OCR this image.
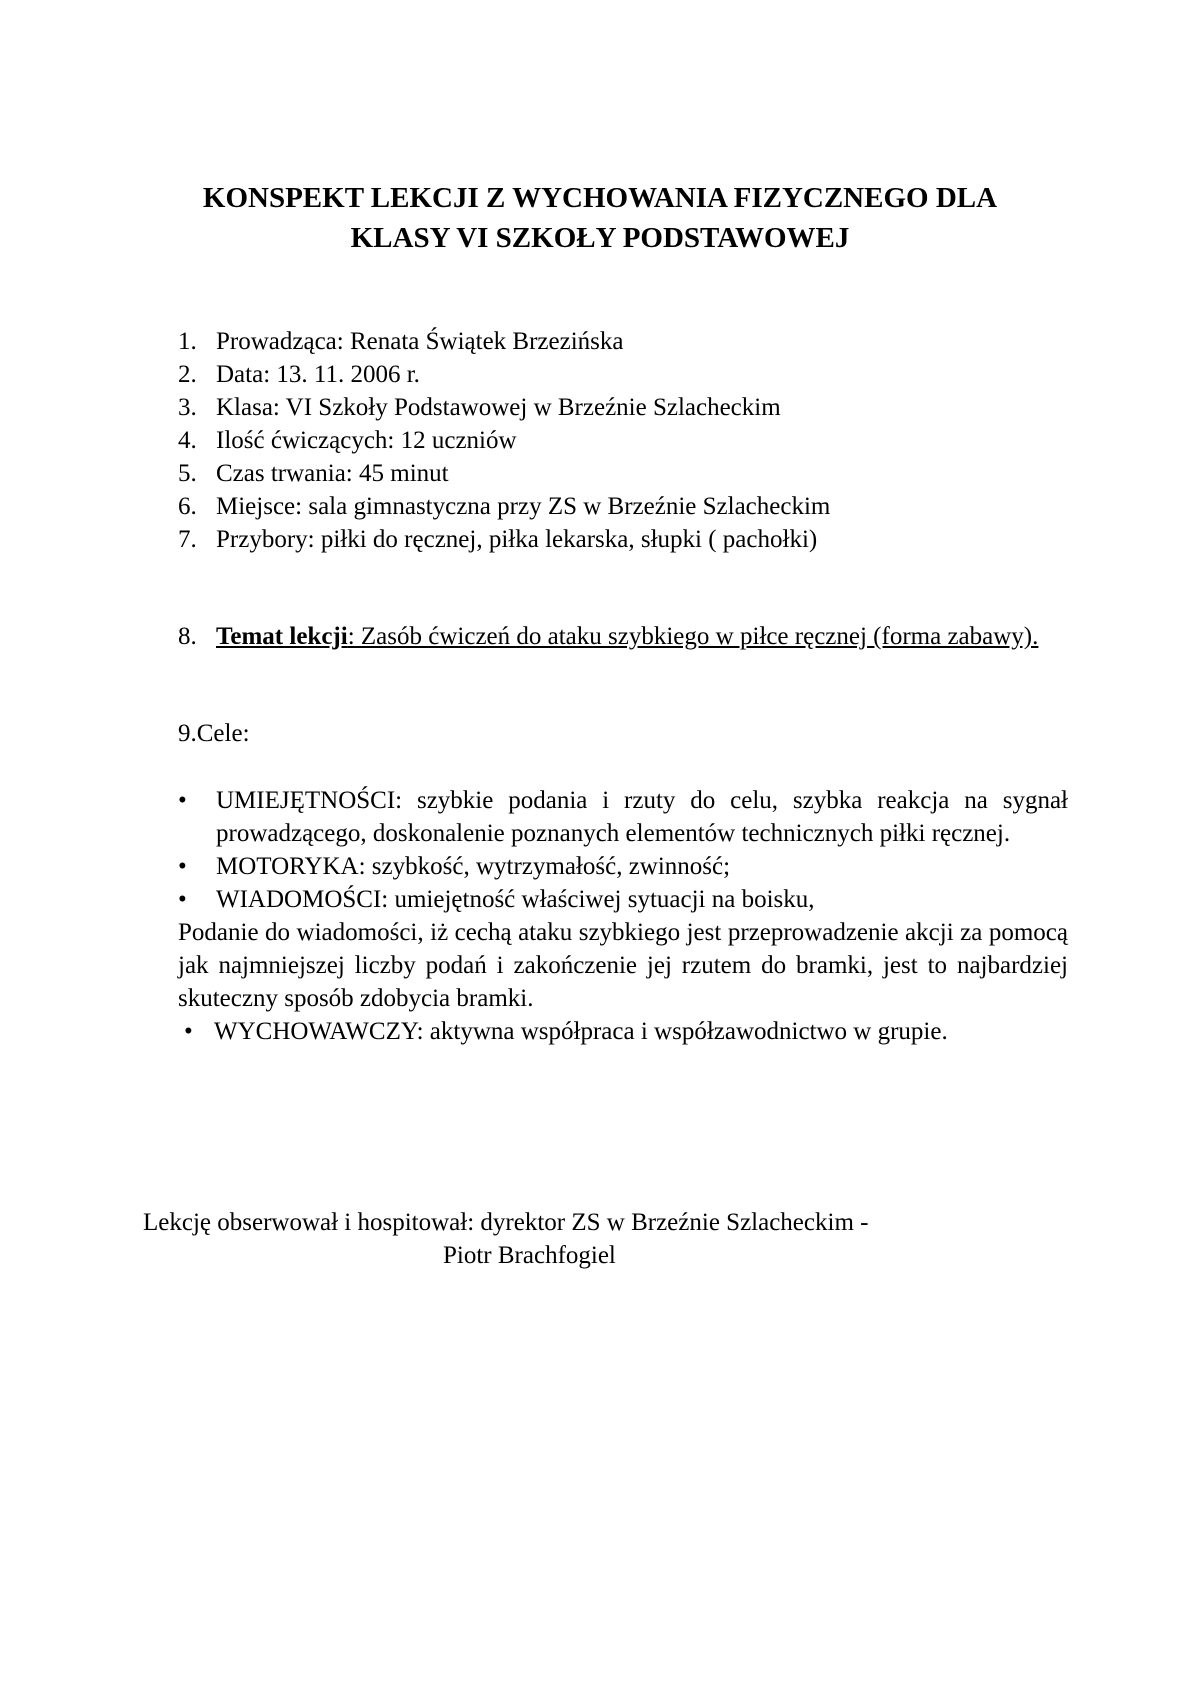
KONSPEKT LEKCJI Z WYCHOWANIA FIZYCZNEGO DLA
KLASY VI SZKOŁY PODSTAWOWEJ
1. Prowadząca: Renata Świątek Brzezińska
2. Data: 13. 11. 2006 r.
3. Klasa: VI Szkoły Podstawowej w Brzeźnie Szlacheckim
4. Ilość ćwiczących: 12 uczniów
5. Czas trwania: 45 minut
6. Miejsce: sala gimnastyczna przy ZS w Brzeźnie Szlacheckim
7. Przybory: piłki do ręcznej, piłka lekarska, słupki ( pachołki)
8. Temat lekcji: Zasób ćwiczeń do ataku szybkiego w piłce ręcznej (forma zabawy).
9.Cele:
•	UMIEJĘTNOŚCI: szybkie podania i rzuty do celu, szybka reakcja na sygnał prowadzącego, doskonalenie poznanych elementów technicznych piłki ręcznej.
•	MOTORYKA: szybkość, wytrzymałość, zwinność;
•	WIADOMOŚCI: umiejętność właściwej sytuacji na boisku,
Podanie do wiadomości, iż cechą ataku szybkiego jest przeprowadzenie akcji za pomocą jak najmniejszej liczby podań i zakończenie jej rzutem do bramki, jest to najbardziej skuteczny sposób zdobycia bramki.
• WYCHOWAWCZY: aktywna współpraca i współzawodnictwo w grupie.
Lekcję obserwował i hospitował: dyrektor ZS w Brzeźnie Szlacheckim -
Piotr Brachfogiel
